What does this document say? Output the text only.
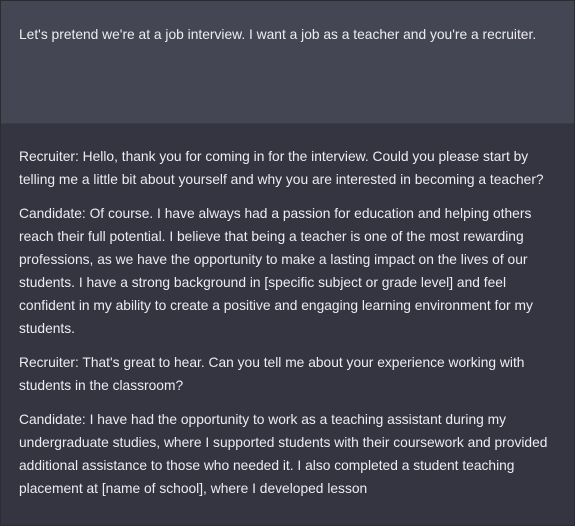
Let's pretend we're at a job interview. I want a job as a teacher and you're a recruiter.

Recruiter: Hello, thank you for coming in for the interview. Could you please start by telling me a little bit about yourself and why you are interested in becoming a teacher?

Candidate: Of course. I have always had a passion for education and helping others reach their full potential. I believe that being a teacher is one of the most rewarding professions, as we have the opportunity to make a lasting impact on the lives of our students. I have a strong background in [specific subject or grade level] and feel confident in my ability to create a positive and engaging learning environment for my students.

Recruiter: That's great to hear. Can you tell me about your experience working with students in the classroom?

Candidate: I have had the opportunity to work as a teaching assistant during my undergraduate studies, where I supported students with their coursework and provided additional assistance to those who needed it. I also completed a student teaching placement at [name of school], where I developed lesson
